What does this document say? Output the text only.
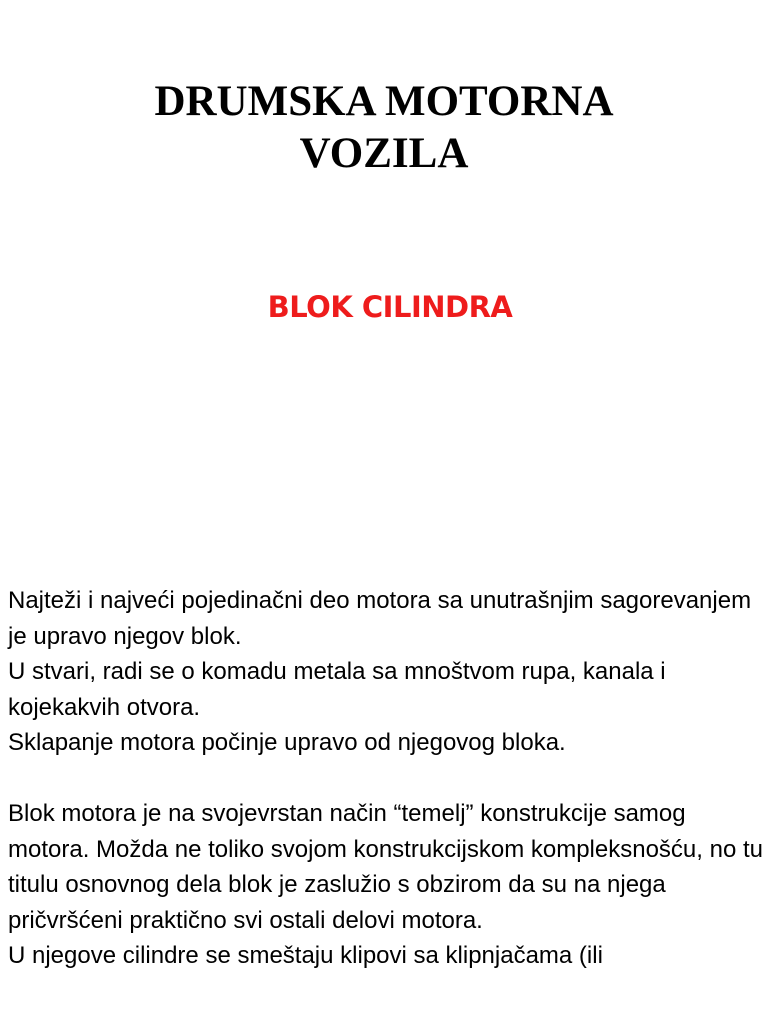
DRUMSKA MOTORNA
VOZILA
BLOK CILINDRA

Najteži i najveći pojedinačni deo motora sa unutrašnjim sagorevanjem je upravo njegov blok.

U stvari, radi se o komadu metala sa mnoštvom rupa, kanala i kojekakvih otvora.

Sklapanje motora počinje upravo od njegovog bloka.

Blok motora je na svojevrstan način “temelj” konstrukcije samog motora. Možda ne toliko svojom konstrukcijskom kompleksnošću, no tu titulu osnovnog dela blok je zaslužio s obzirom da su na njega pričvršćeni praktično svi ostali delovi motora.

U njegove cilindre se smeštaju klipovi sa klipnjačama (ili
